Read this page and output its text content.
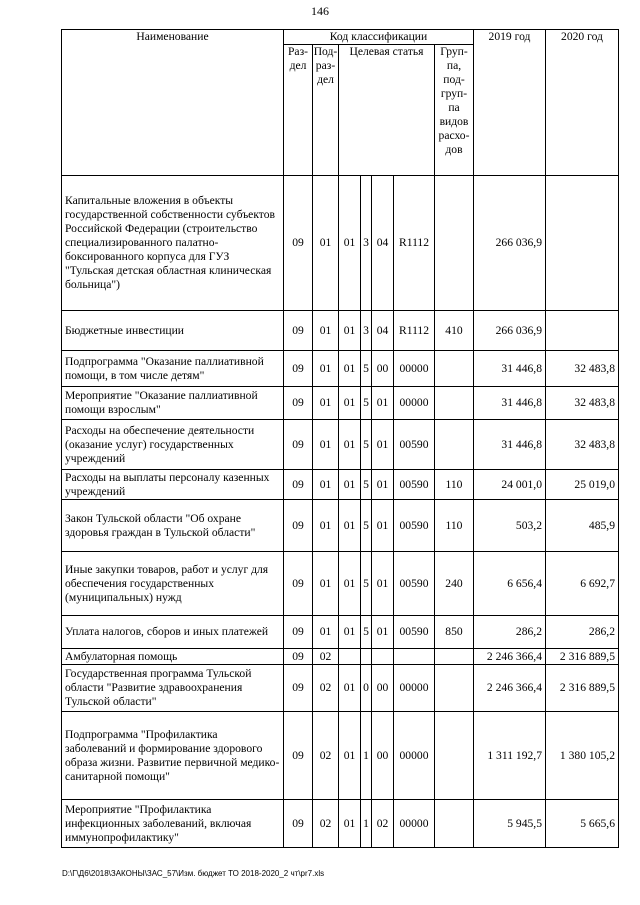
146
Наименование	Код классификации							2019 год	2020 год
	Раз- дел	Под- раз- дел	Целевая статья				Груп- па, под- груп- па видов расхо- дов		
Капитальные вложения в объекты государственной собственности субъектов Российской Федерации (строительство специализированного палатно-боксированного корпуса для ГУЗ "Тульская детская областная клиническая больница")	09	01	01	3	04	R1112		266 036,9	
Бюджетные инвестиции	09	01	01	3	04	R1112	410	266 036,9	
Подпрограмма "Оказание паллиативной помощи, в том числе детям"	09	01	01	5	00	00000		31 446,8	32 483,8
Мероприятие "Оказание паллиативной помощи взрослым"	09	01	01	5	01	00000		31 446,8	32 483,8
Расходы на обеспечение деятельности (оказание услуг) государственных учреждений	09	01	01	5	01	00590		31 446,8	32 483,8
Расходы на выплаты персоналу казенных учреждений	09	01	01	5	01	00590	110	24 001,0	25 019,0
Закон Тульской области "Об охране здоровья граждан в Тульской области"	09	01	01	5	01	00590	110	503,2	485,9
Иные закупки товаров, работ и услуг для обеспечения государственных (муниципальных) нужд	09	01	01	5	01	00590	240	6 656,4	6 692,7
Уплата налогов, сборов и иных платежей	09	01	01	5	01	00590	850	286,2	286,2
Амбулаторная помощь	09	02						2 246 366,4	2 316 889,5
Государственная программа Тульской области "Развитие здравоохранения Тульской области"	09	02	01	0	00	00000		2 246 366,4	2 316 889,5
Подпрограмма "Профилактика заболеваний и формирование здорового образа жизни. Развитие первичной медико-санитарной помощи"	09	02	01	1	00	00000		1 311 192,7	1 380 105,2
Мероприятие "Профилактика инфекционных заболеваний, включая иммунопрофилактику"	09	02	01	1	02	00000		5 945,5	5 665,6
D:\Г\Д6\2018\ЗАКОНЫ\ЗАС_57\Изм. бюджет ТО 2018-2020_2 чт\pr7.xls
